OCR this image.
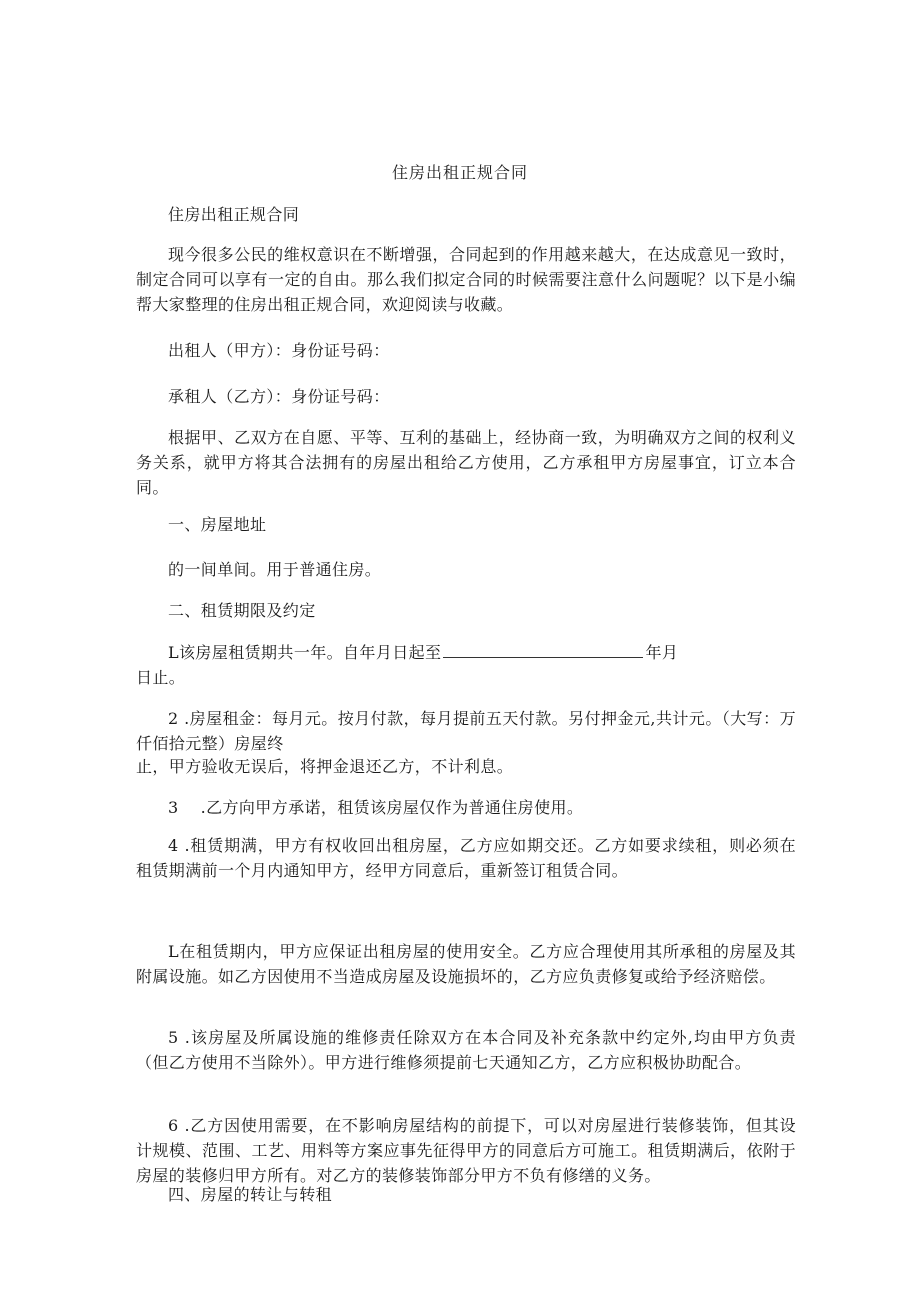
住房出租正规合同

住房出租正规合同

现今很多公民的维权意识在不断增强，合同起到的作用越来越大，在达成意见一致时，制定合同可以享有一定的自由。那么我们拟定合同的时候需要注意什么问题呢？以下是小编帮大家整理的住房出租正规合同，欢迎阅读与收藏。

出租人（甲方）：身份证号码：

承租人（乙方）：身份证号码：

根据甲、乙双方在自愿、平等、互利的基础上，经协商一致，为明确双方之间的权利义务关系，就甲方将其合法拥有的房屋出租给乙方使用，乙方承租甲方房屋事宜，订立本合同。

一、房屋地址

的一间单间。用于普通住房。

二、租赁期限及约定

L该房屋租赁期共一年。自年月日起至	年月

日止。

2 .房屋租金：每月元。按月付款，每月提前五天付款。另付押金元,共计元。（大写：万仟佰拾元整）房屋终

止，甲方验收无误后，将押金退还乙方，不计利息。

3 .乙方向甲方承诺，租赁该房屋仅作为普通住房使用。

4 .租赁期满，甲方有权收回出租房屋，乙方应如期交还。乙方如要求续租，则必须在租赁期满前一个月内通知甲方，经甲方同意后，重新签订租赁合同。

L在租赁期内，甲方应保证出租房屋的使用安全。乙方应合理使用其所承租的房屋及其附属设施。如乙方因使用不当造成房屋及设施损坏的，乙方应负责修复或给予经济赔偿。

5 .该房屋及所属设施的维修责任除双方在本合同及补充条款中约定外,均由甲方负责（但乙方使用不当除外）。甲方进行维修须提前七天通知乙方，乙方应积极协助配合。

6 .乙方因使用需要，在不影响房屋结构的前提下，可以对房屋进行装修装饰，但其设计规模、范围、工艺、用料等方案应事先征得甲方的同意后方可施工。租赁期满后，依附于房屋的装修归甲方所有。对乙方的装修装饰部分甲方不负有修缮的义务。

四、房屋的转让与转租
